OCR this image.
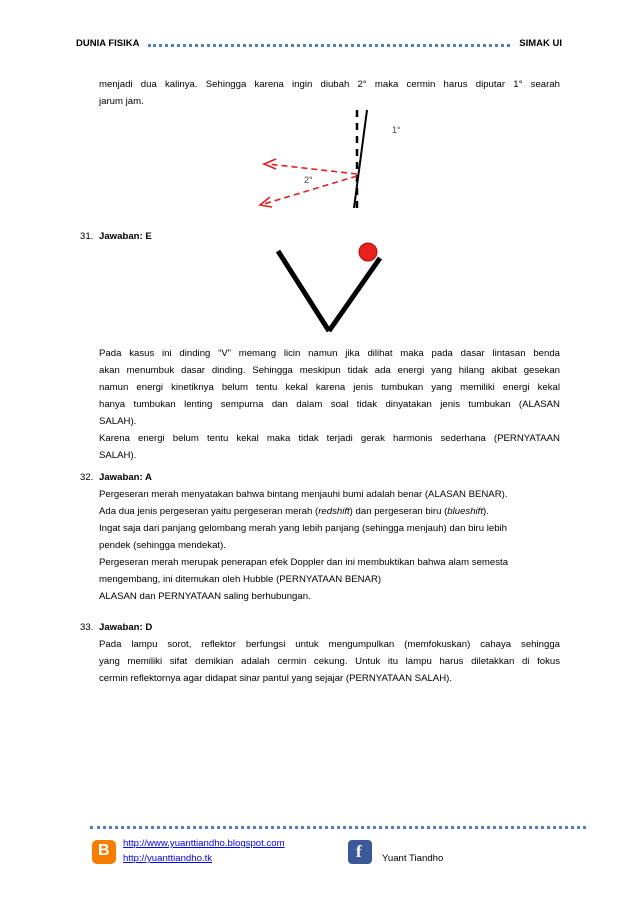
DUNIA FISIKA	SIMAK UI
menjadi dua kalinya. Sehingga karena ingin diubah 2° maka cermin harus diputar 1° searah
jarum jam.
1°
2°
31. Jawaban: E
Pada kasus ini dinding “V” memang licin namun jika dilihat maka pada dasar lintasan benda
akan menumbuk dasar dinding. Sehingga meskipun tidak ada energi yang hilang akibat gesekan
namun energi kinetiknya belum tentu kekal karena jenis tumbukan yang memiliki energi kekal
hanya tumbukan lenting sempurna dan dalam soal tidak dinyatakan jenis tumbukan (ALASAN
SALAH).
Karena energi belum tentu kekal maka tidak terjadi gerak harmonis sederhana (PERNYATAAN
SALAH).
32. Jawaban: A
Pergeseran merah menyatakan bahwa bintang menjauhi bumi adalah benar (ALASAN BENAR).
Ada dua jenis pergeseran yaitu pergeseran merah (redshift) dan pergeseran biru (blueshift).
Ingat saja dari panjang gelombang merah yang lebih panjang (sehingga menjauh) dan biru lebih
pendek (sehingga mendekat).
Pergeseran merah merupak penerapan efek Doppler dan ini membuktikan bahwa alam semesta
mengembang, ini ditemukan oleh Hubble (PERNYATAAN BENAR)
ALASAN dan PERNYATAAN saling berhubungan.
33. Jawaban: D
Pada lampu sorot, reflektor berfungsi untuk mengumpulkan (memfokuskan) cahaya sehingga
yang memiliki sifat demikian adalah cermin cekung. Untuk itu lampu harus diletakkan di fokus
cermin reflektornya agar didapat sinar pantul yang sejajar (PERNYATAAN SALAH).
B http://www.yuanttiandho.blogspot.com
http://yuanttiandho.tk	f Yuant Tiandho
